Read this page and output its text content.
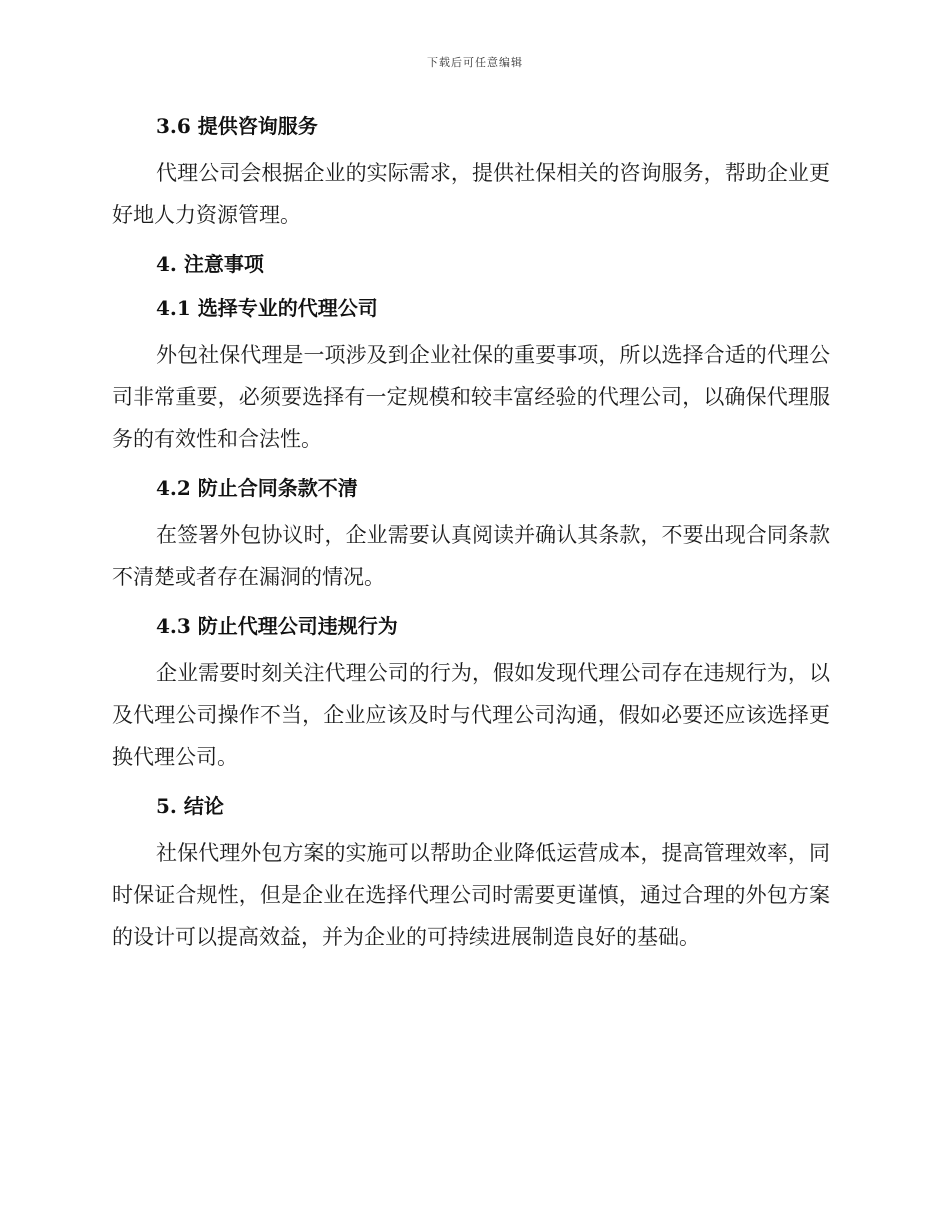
下载后可任意编辑
3.6 提供咨询服务

代理公司会根据企业的实际需求，提供社保相关的咨询服务，帮助企业更好地人力资源管理。

4. 注意事项
4.1 选择专业的代理公司

外包社保代理是一项涉及到企业社保的重要事项，所以选择合适的代理公司非常重要，必须要选择有一定规模和较丰富经验的代理公司，以确保代理服务的有效性和合法性。

4.2 防止合同条款不清

在签署外包协议时，企业需要认真阅读并确认其条款，不要出现合同条款不清楚或者存在漏洞的情况。

4.3 防止代理公司违规行为

企业需要时刻关注代理公司的行为，假如发现代理公司存在违规行为，以及代理公司操作不当，企业应该及时与代理公司沟通，假如必要还应该选择更换代理公司。

5. 结论

社保代理外包方案的实施可以帮助企业降低运营成本，提高管理效率，同时保证合规性，但是企业在选择代理公司时需要更谨慎，通过合理的外包方案的设计可以提高效益，并为企业的可持续进展制造良好的基础。
